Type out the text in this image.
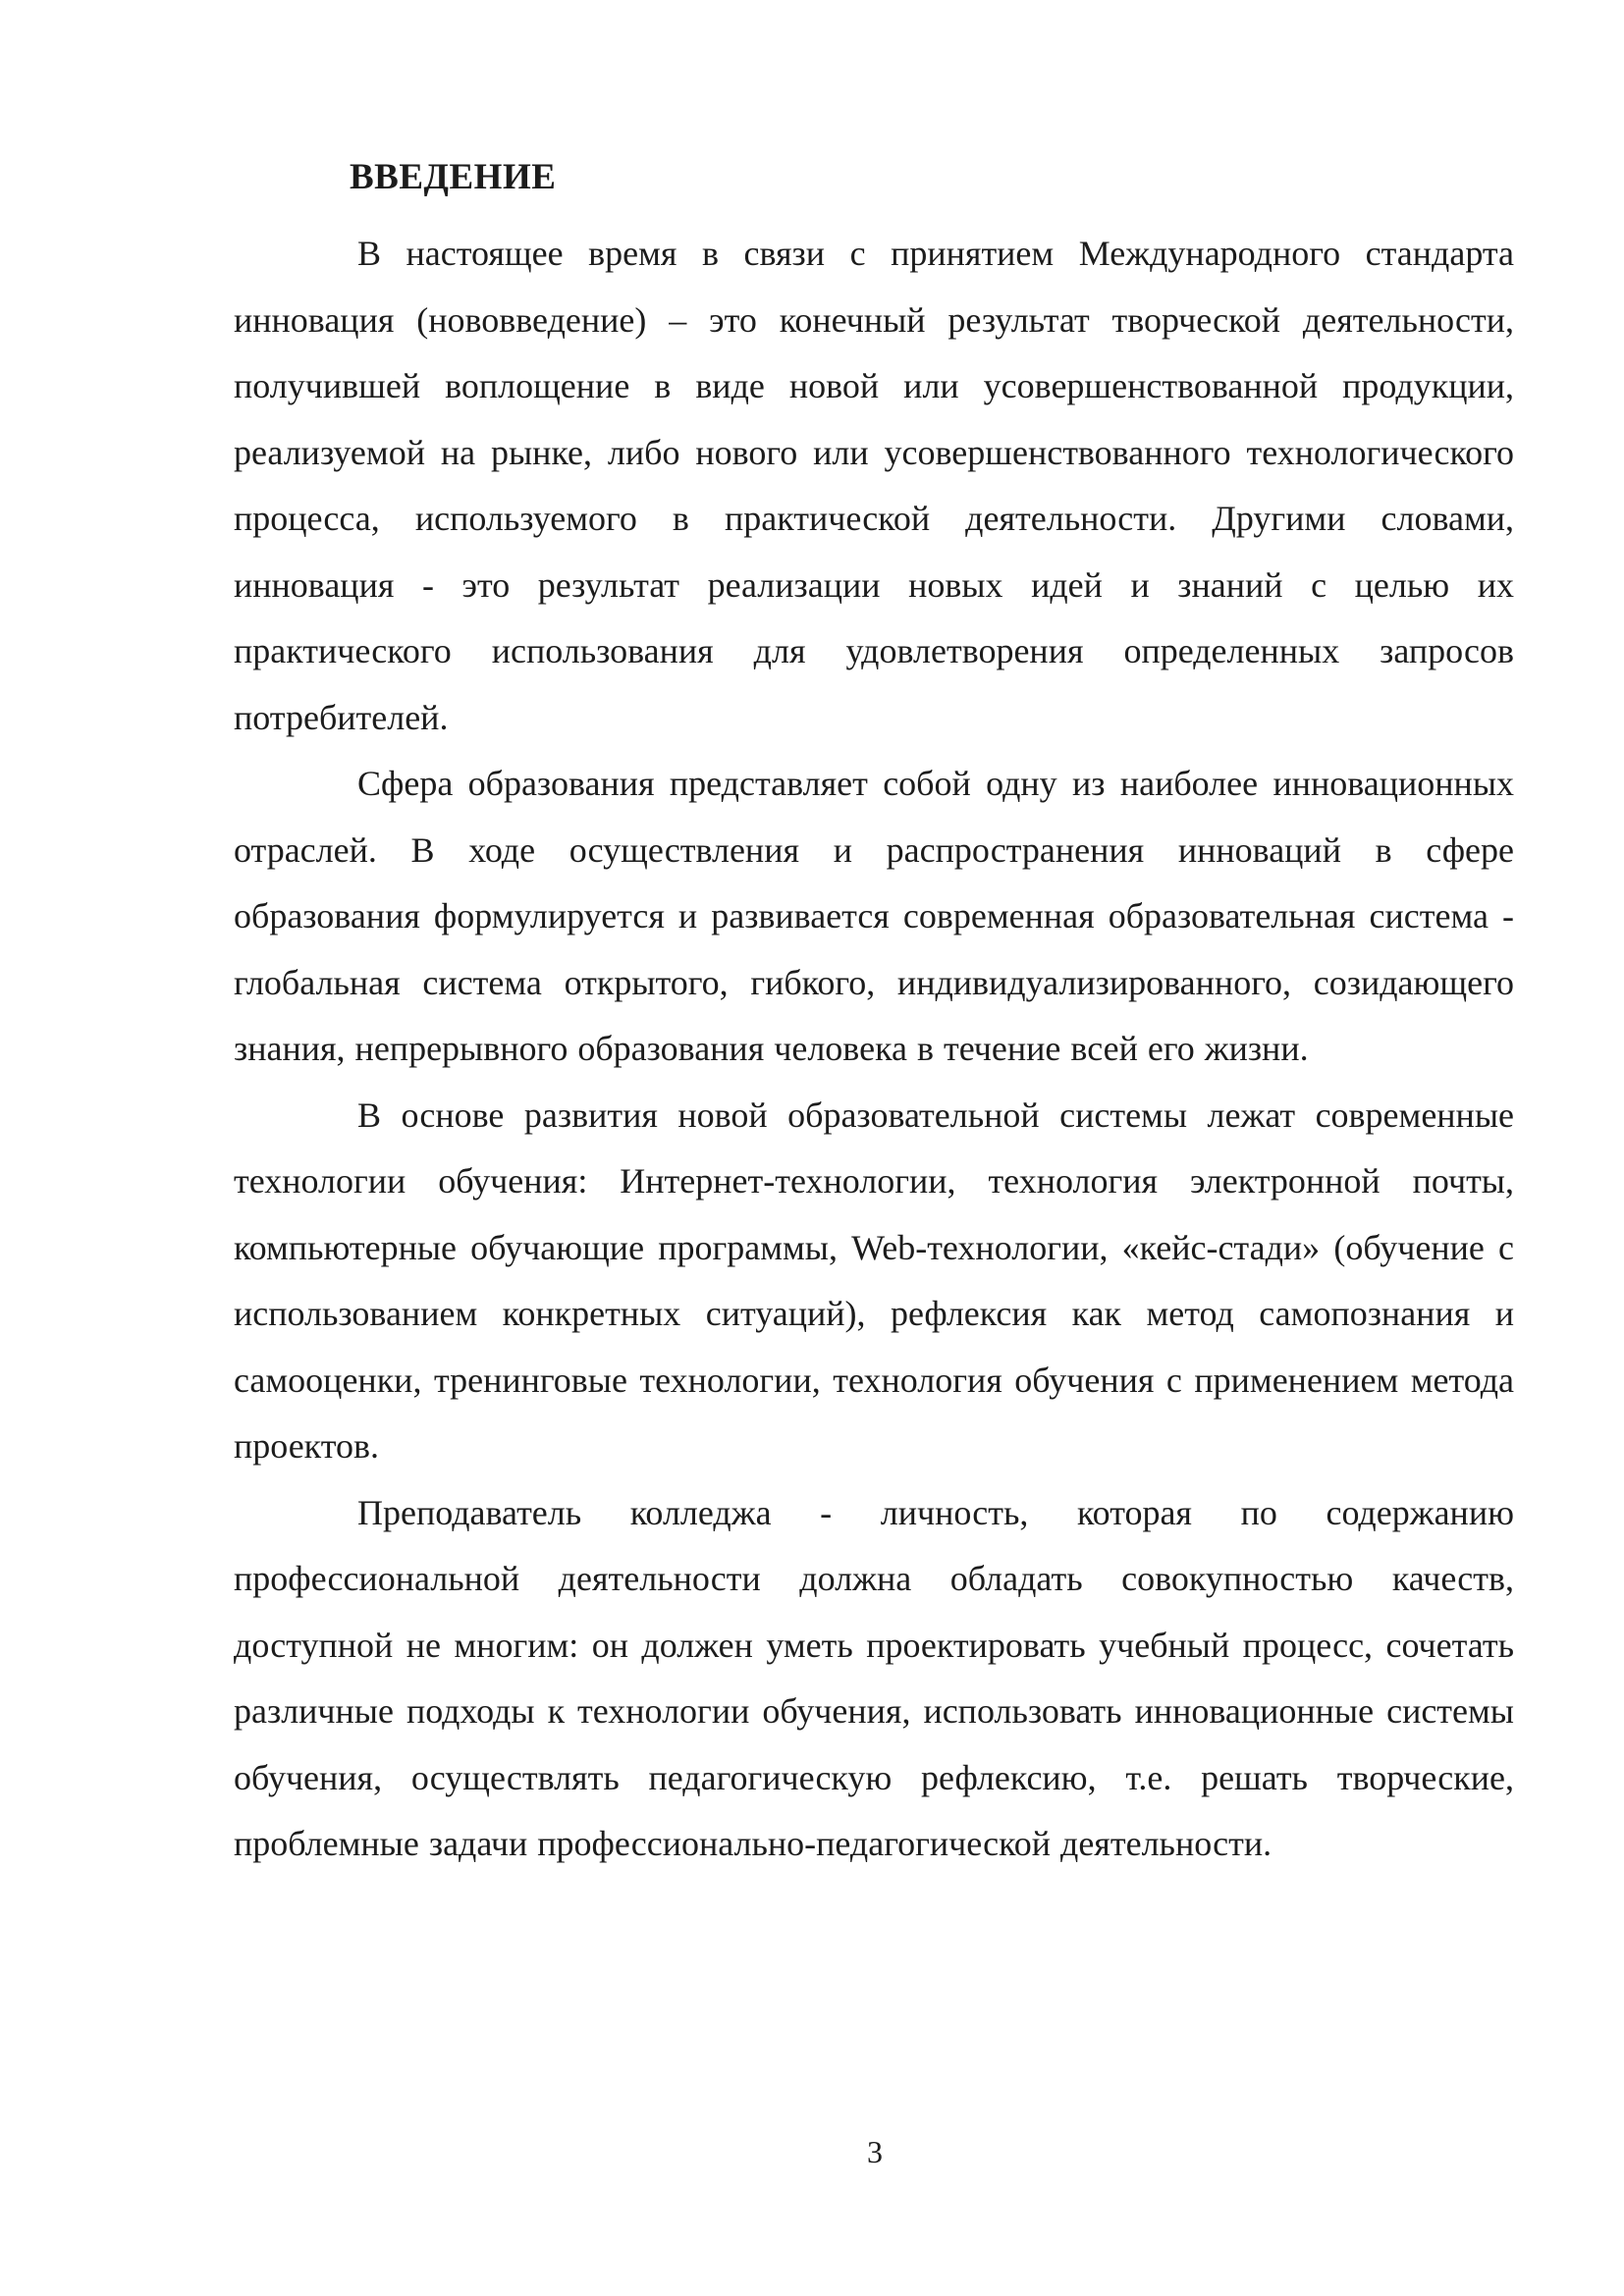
ВВЕДЕНИЕ

В настоящее время в связи с принятием Международного стандарта инновация (нововведение) – это конечный результат творческой деятельности, получившей воплощение в виде новой или усовершенствованной продукции, реализуемой на рынке, либо нового или усовершенствованного технологического процесса, используемого в практической деятельности. Другими словами, инновация - это результат реализации новых идей и знаний с целью их практического использования для удовлетворения определенных запросов потребителей.

Сфера образования представляет собой одну из наиболее инновационных отраслей. В ходе осуществления и распространения инноваций в сфере образования формулируется и развивается современная образовательная система - глобальная система открытого, гибкого, индивидуализированного, созидающего знания, непрерывного образования человека в течение всей его жизни.

В основе развития новой образовательной системы лежат современные технологии обучения: Интернет-технологии, технология электронной почты, компьютерные обучающие программы, Web-технологии, «кейс-стади» (обучение с использованием конкретных ситуаций), рефлексия как метод самопознания и самооценки, тренинговые технологии, технология обучения с применением метода проектов.

Преподаватель колледжа - личность, которая по содержанию профессиональной деятельности должна обладать совокупностью качеств, доступной не многим: он должен уметь проектировать учебный процесс, сочетать различные подходы к технологии обучения, использовать инновационные системы обучения, осуществлять педагогическую рефлексию, т.е. решать творческие, проблемные задачи профессионально-педагогической деятельности.

3
